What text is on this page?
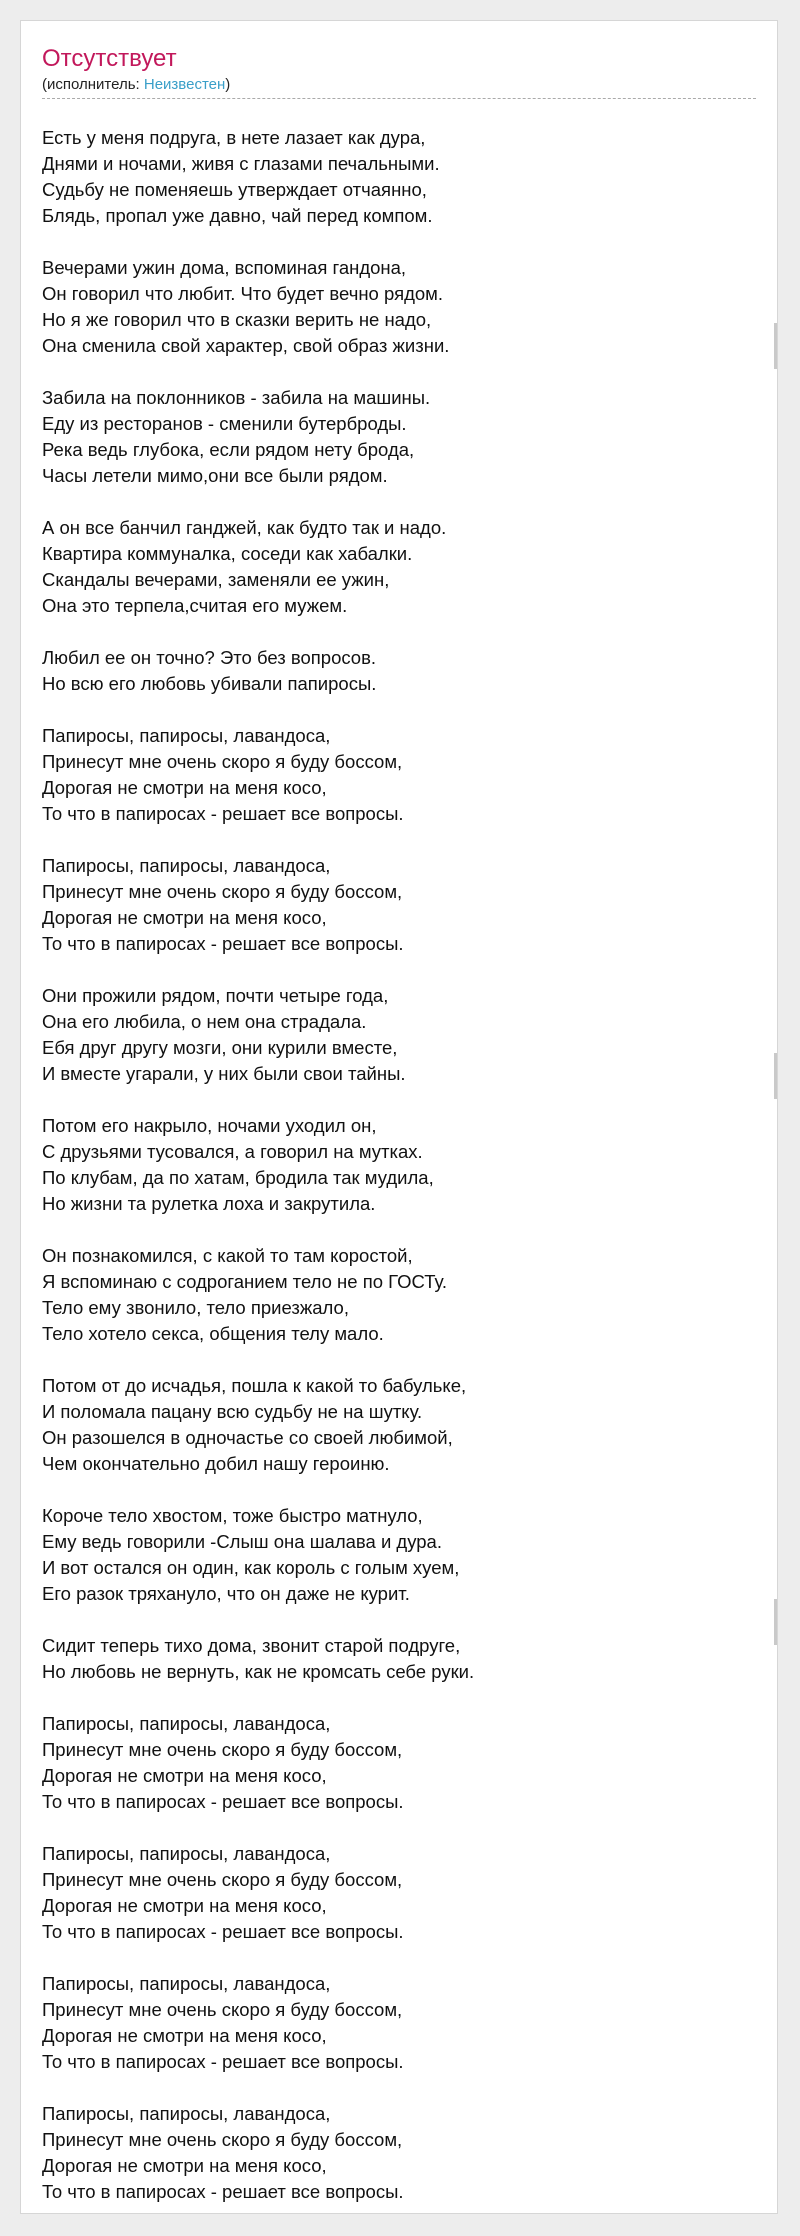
Отсутствует
(исполнитель: Неизвестен)
Есть у меня подруга, в нете лазает как дура,
Днями и ночами, живя с глазами печальными.
Судьбу не поменяешь утверждает отчаянно,
Блядь, пропал уже давно, чай перед компом.
Вечерами ужин дома, вспоминая гандона,
Он говорил что любит. Что будет вечно рядом.
Но я же говорил что в сказки верить не надо,
Она сменила свой характер, свой образ жизни.
Забила на поклонников - забила на машины.
Еду из ресторанов - сменили бутерброды.
Река ведь глубока, если рядом нету брода,
Часы летели мимо,они все были рядом.
А он все банчил ганджей, как будто так и надо.
Квартира коммуналка, соседи как хабалки.
Скандалы вечерами, заменяли ее ужин,
Она это терпела,считая его мужем.
Любил ее он точно? Это без вопросов.
Но всю его любовь убивали папиросы.
Папиросы, папиросы, лавандоса,
Принесут мне очень скоро я буду боссом,
Дорогая не смотри на меня косо,
То что в папиросах - решает все вопросы.
Папиросы, папиросы, лавандоса,
Принесут мне очень скоро я буду боссом,
Дорогая не смотри на меня косо,
То что в папиросах - решает все вопросы.
Они прожили рядом, почти четыре года,
Она его любила, о нем она страдала.
Ебя друг другу мозги, они курили вместе,
И вместе угарали, у них были свои тайны.
Потом его накрыло, ночами уходил он,
С друзьями тусовался, а говорил на мутках.
По клубам, да по хатам, бродила так мудила,
Но жизни та рулетка лоха и закрутила.
Он познакомился, с какой то там коростой,
Я вспоминаю с содроганием тело не по ГОСТу.
Тело ему звонило, тело приезжало,
Тело хотело секса, общения телу мало.
Потом от до исчадья, пошла к какой то бабульке,
И поломала пацану всю судьбу не на шутку.
Он разошелся в одночастье со своей любимой,
Чем окончательно добил нашу героиню.
Короче тело хвостом, тоже быстро матнуло,
Ему ведь говорили -Слыш она шалава и дура.
И вот остался он один, как король с голым хуем,
Его разок тряхануло, что он даже не курит.
Сидит теперь тихо дома, звонит старой подруге,
Но любовь не вернуть, как не кромсать себе руки.
Папиросы, папиросы, лавандоса,
Принесут мне очень скоро я буду боссом,
Дорогая не смотри на меня косо,
То что в папиросах - решает все вопросы.
Папиросы, папиросы, лавандоса,
Принесут мне очень скоро я буду боссом,
Дорогая не смотри на меня косо,
То что в папиросах - решает все вопросы.
Папиросы, папиросы, лавандоса,
Принесут мне очень скоро я буду боссом,
Дорогая не смотри на меня косо,
То что в папиросах - решает все вопросы.
Папиросы, папиросы, лавандоса,
Принесут мне очень скоро я буду боссом,
Дорогая не смотри на меня косо,
То что в папиросах - решает все вопросы.
